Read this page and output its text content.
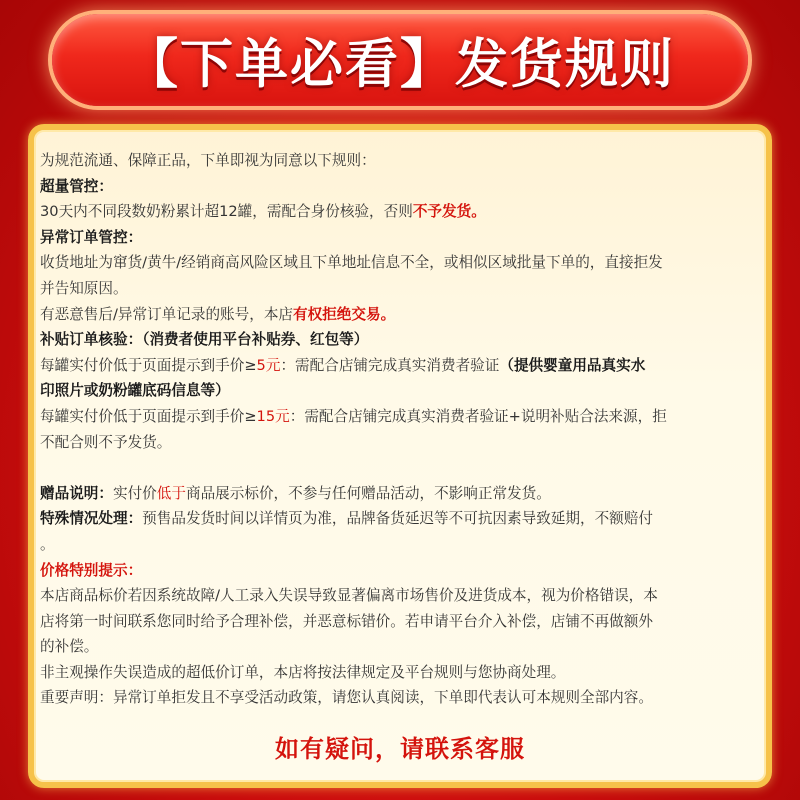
【下单必看】发货规则
为规范流通、保障正品，下单即视为同意以下规则：
超量管控：
30天内不同段数奶粉累计超12罐，需配合身份核验，否则不予发货。
异常订单管控：
收货地址为窜货/黄牛/经销商高风险区域且下单地址信息不全，或相似区域批量下单的，直接拒发
并告知原因。
有恶意售后/异常订单记录的账号，本店有权拒绝交易。
补贴订单核验：（消费者使用平台补贴券、红包等）
每罐实付价低于页面提示到手价≥5元：需配合店铺完成真实消费者验证（提供婴童用品真实水
印照片或奶粉罐底码信息等）
每罐实付价低于页面提示到手价≥15元：需配合店铺完成真实消费者验证+说明补贴合法来源，拒
不配合则不予发货。
赠品说明：实付价低于商品展示标价，不参与任何赠品活动，不影响正常发货。
特殊情况处理：预售品发货时间以详情页为准，品牌备货延迟等不可抗因素导致延期，不额赔付
。
价格特别提示：
本店商品标价若因系统故障/人工录入失误导致显著偏离市场售价及进货成本，视为价格错误，本
店将第一时间联系您同时给予合理补偿，并恶意标错价。若申请平台介入补偿，店铺不再做额外
的补偿。
非主观操作失误造成的超低价订单，本店将按法律规定及平台规则与您协商处理。
重要声明：异常订单拒发且不享受活动政策，请您认真阅读，下单即代表认可本规则全部内容。
如有疑问，请联系客服
